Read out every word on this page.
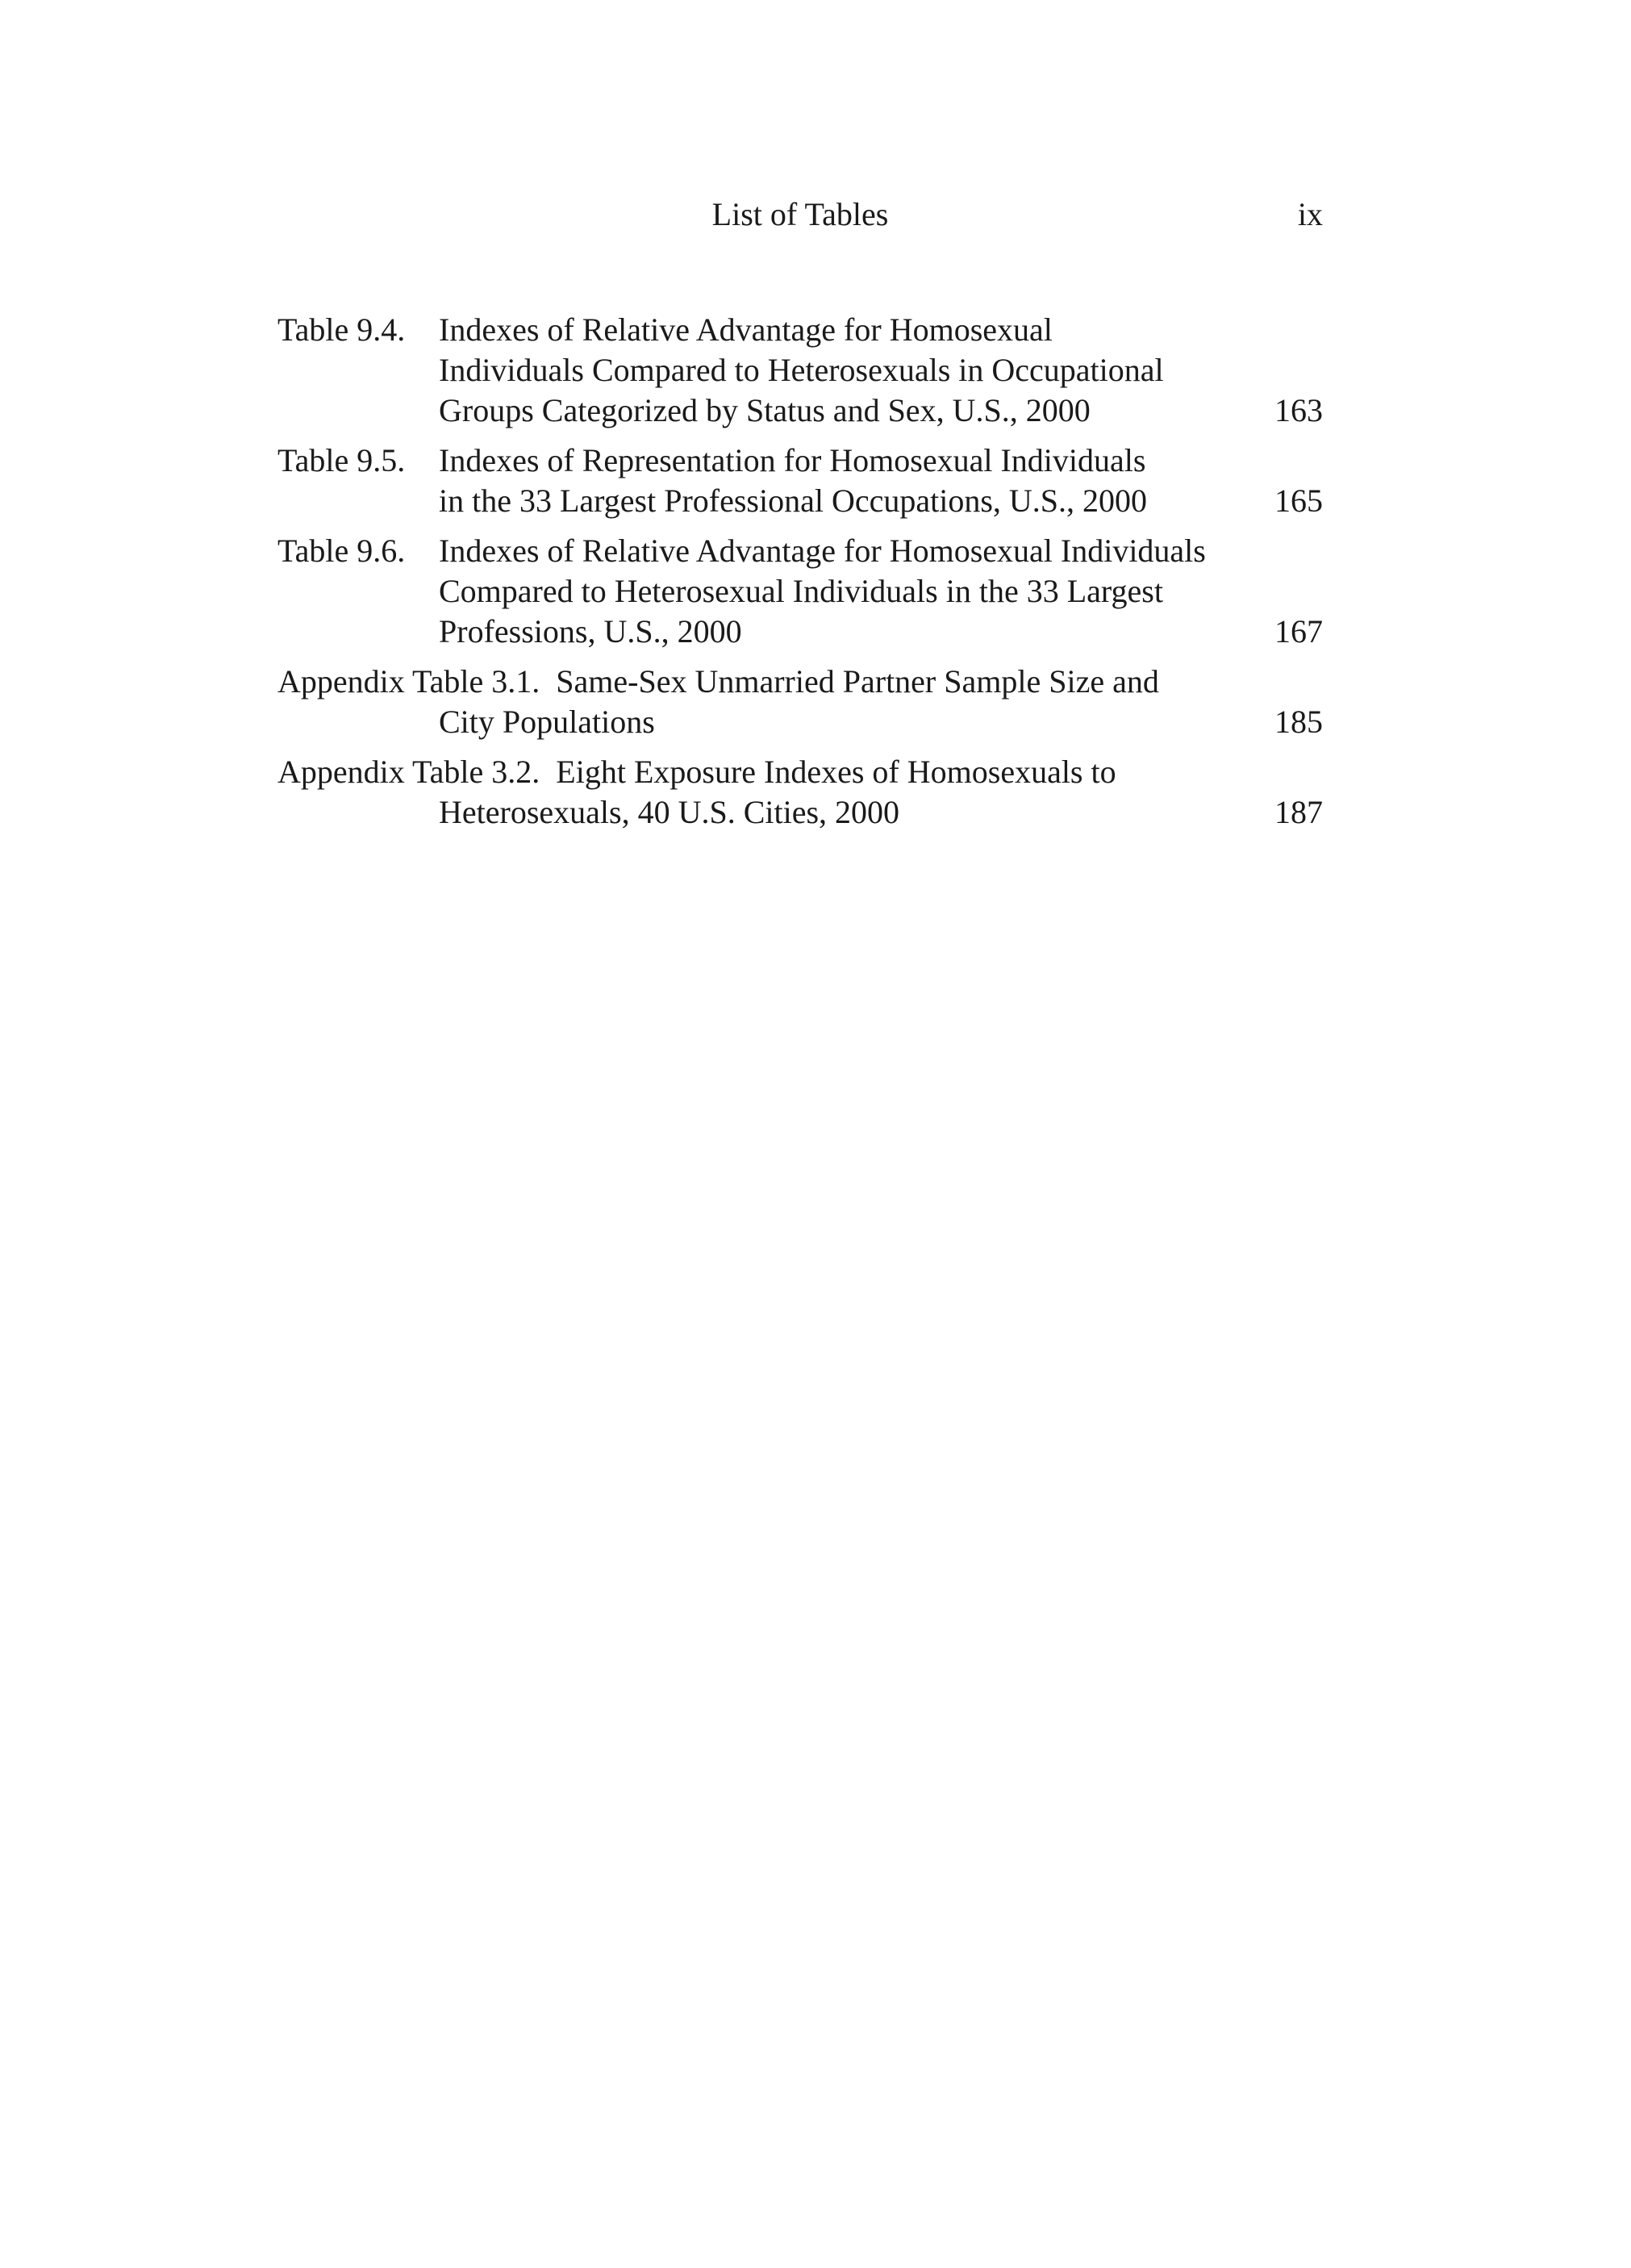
List of Tables	ix
Table 9.4. Indexes of Relative Advantage for Homosexual
Individuals Compared to Heterosexuals in Occupational
Groups Categorized by Status and Sex, U.S., 2000	163
Table 9.5. Indexes of Representation for Homosexual Individuals
in the 33 Largest Professional Occupations, U.S., 2000	165
Table 9.6. Indexes of Relative Advantage for Homosexual Individuals
Compared to Heterosexual Individuals in the 33 Largest
Professions, U.S., 2000	167
Appendix Table 3.1. Same-Sex Unmarried Partner Sample Size and
City Populations	185
Appendix Table 3.2. Eight Exposure Indexes of Homosexuals to
Heterosexuals, 40 U.S. Cities, 2000	187
